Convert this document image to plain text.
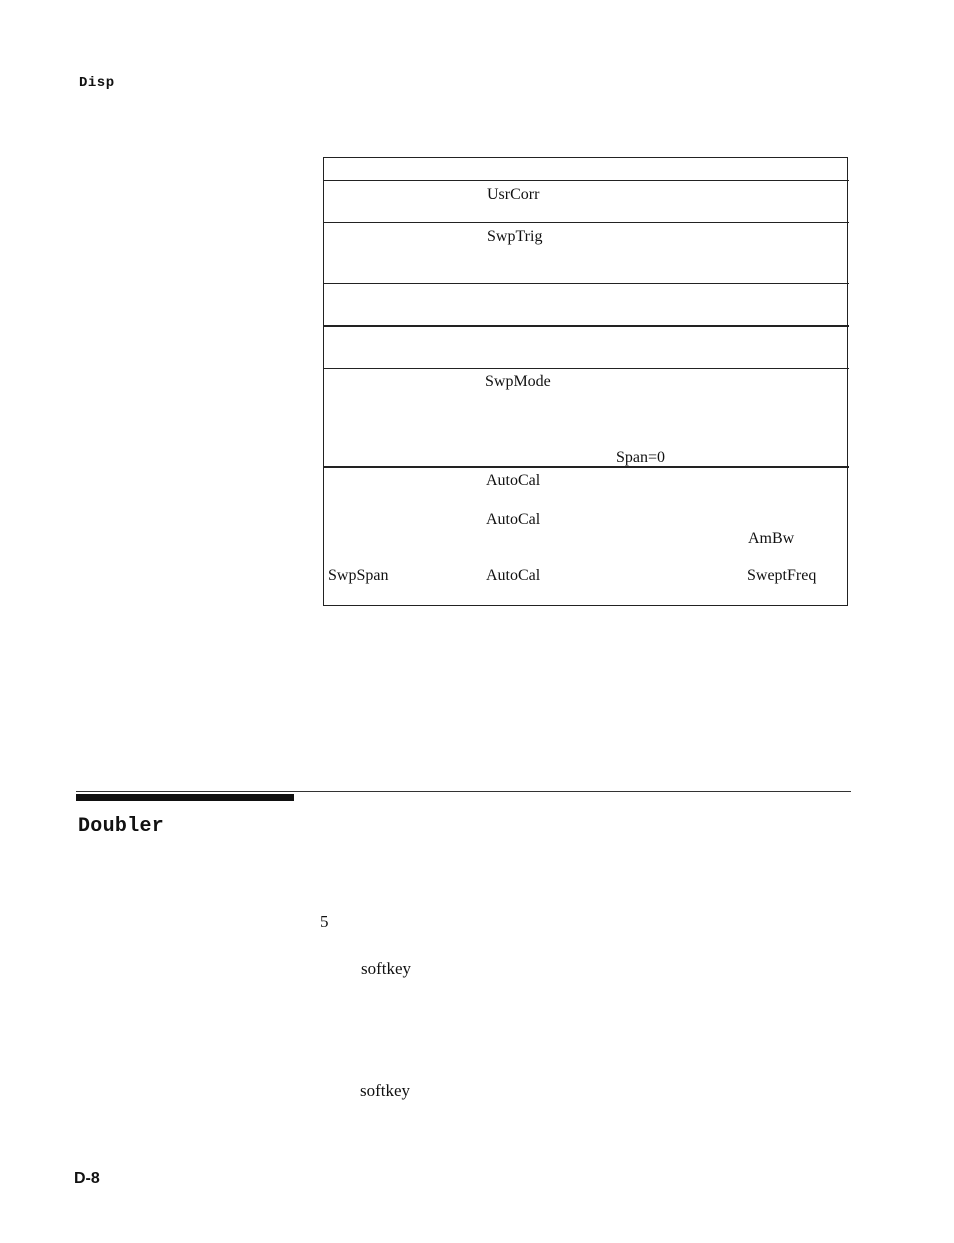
Disp
UsrCorr
SwpTrig
SwpMode
Span=0
AutoCal
AutoCal
AmBw
SwpSpan	AutoCal	SweptFreq
Doubler
5
softkey
softkey
D-8
